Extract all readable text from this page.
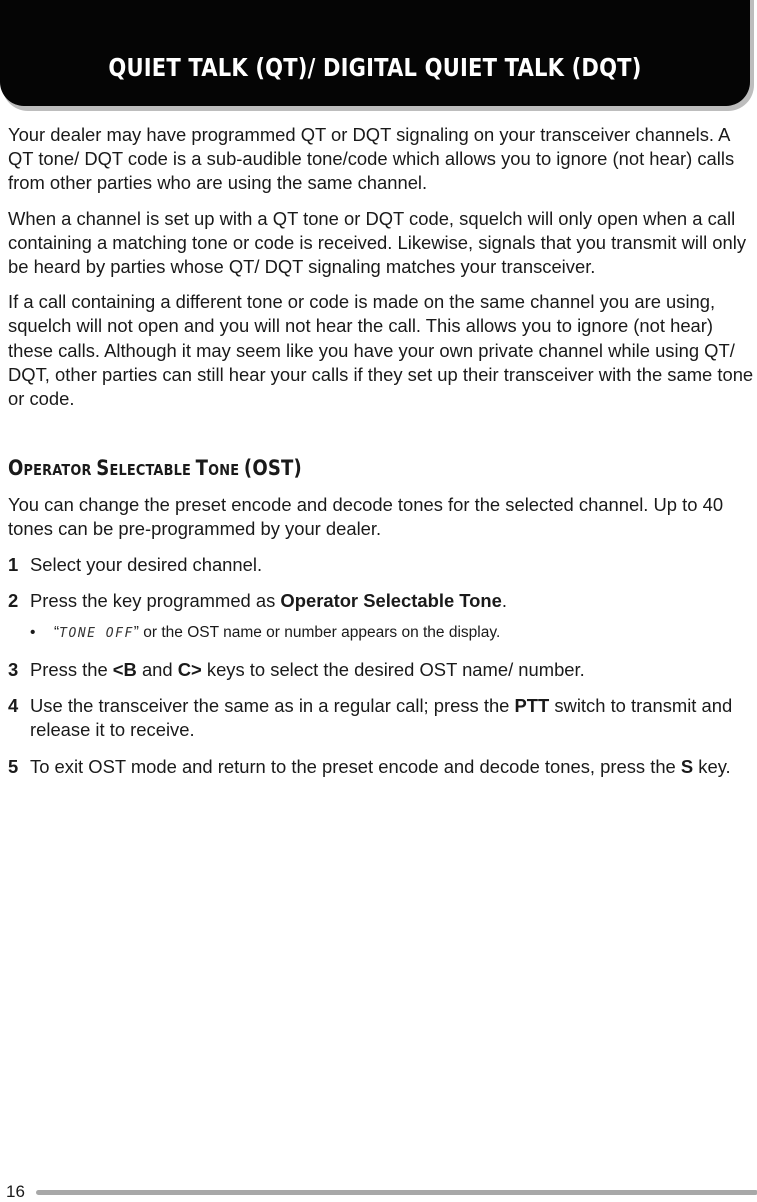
QUIET TALK (QT)/ DIGITAL QUIET TALK (DQT)

Your dealer may have programmed QT or DQT signaling on your transceiver channels. A QT tone/ DQT code is a sub-audible tone/code which allows you to ignore (not hear) calls from other parties who are using the same channel.

When a channel is set up with a QT tone or DQT code, squelch will only open when a call containing a matching tone or code is received. Likewise, signals that you transmit will only be heard by parties whose QT/ DQT signaling matches your transceiver.

If a call containing a different tone or code is made on the same channel you are using, squelch will not open and you will not hear the call. This allows you to ignore (not hear) these calls. Although it may seem like you have your own private channel while using QT/ DQT, other parties can still hear your calls if they set up their transceiver with the same tone or code.

OPERATOR SELECTABLE TONE (OST)

You can change the preset encode and decode tones for the selected channel. Up to 40 tones can be pre-programmed by your dealer.

1 Select your desired channel.
2 Press the key programmed as Operator Selectable Tone.
•	“TONE OFF” or the OST name or number appears on the display.
3 Press the <B and C> keys to select the desired OST name/ number.
4 Use the transceiver the same as in a regular call; press the PTT switch to transmit and release it to receive.
5 To exit OST mode and return to the preset encode and decode tones, press the S key.
16
